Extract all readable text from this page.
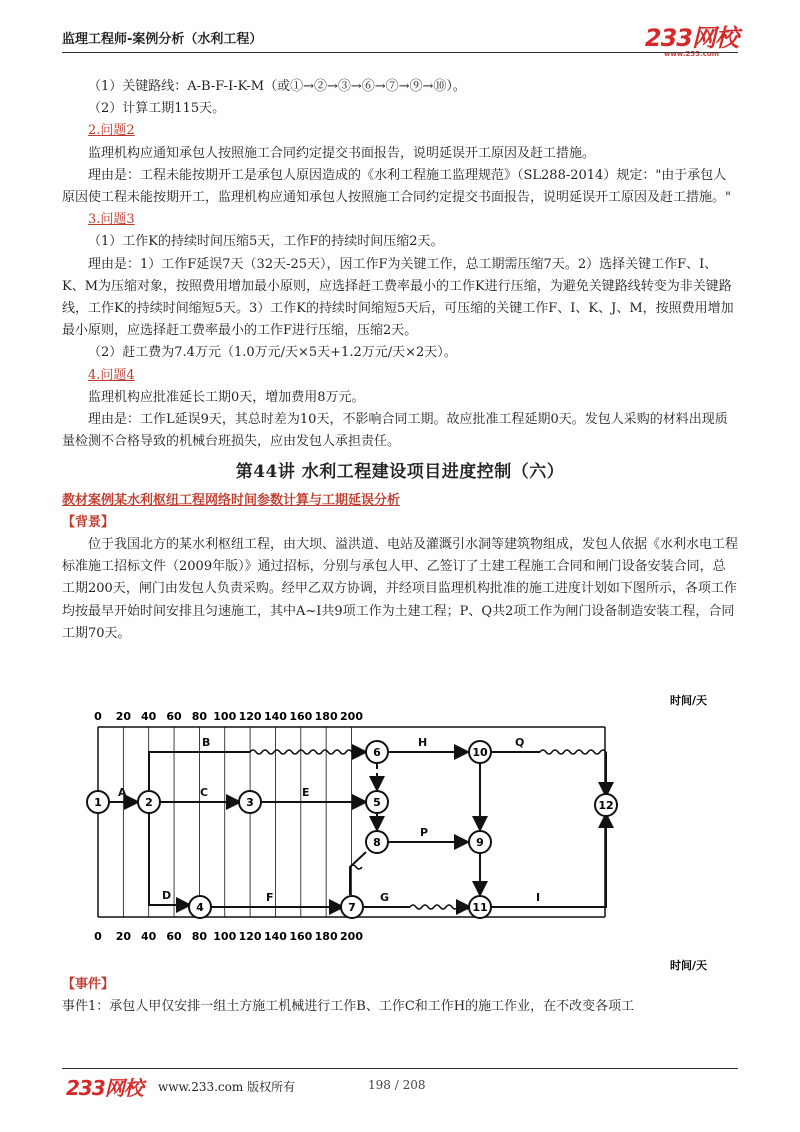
监理工程师-案例分析（水利工程）	233网校
www.233.com

（1）关键路线：A-B-F-I-K-M（或①→②→③→⑥→⑦→⑨→⑩）。

（2）计算工期115天。

2.问题2

监理机构应通知承包人按照施工合同约定提交书面报告，说明延误开工原因及赶工措施。

理由是：工程未能按期开工是承包人原因造成的《水利工程施工监理规范》（SL288-2014）规定："由于承包人原因使工程未能按期开工，监理机构应通知承包人按照施工合同约定提交书面报告，说明延误开工原因及赶工措施。"

3.问题3

（1）工作K的持续时间压缩5天，工作F的持续时间压缩2天。

理由是：1）工作F延误7天（32天-25天），因工作F为关键工作，总工期需压缩7天。2）选择关键工作F、I、K、M为压缩对象，按照费用增加最小原则，应选择赶工费率最小的工作K进行压缩，为避免关键路线转变为非关键路线，工作K的持续时间缩短5天。3）工作K的持续时间缩短5天后，可压缩的关键工作F、I、K、J、M，按照费用增加最小原则，应选择赶工费率最小的工作F进行压缩，压缩2天。

（2）赶工费为7.4万元（1.0万元/天×5天+1.2万元/天×2天）。

4.问题4

监理机构应批准延长工期0天，增加费用8万元。

理由是：工作L延误9天，其总时差为10天，不影响合同工期。故应批准工程延期0天。发包人采购的材料出现质量检测不合格导致的机械台班损失，应由发包人承担责任。

第44讲 水利工程建设项目进度控制（六）

教材案例某水利枢纽工程网络时间参数计算与工期延误分析

【背景】

位于我国北方的某水利枢纽工程，由大坝、溢洪道、电站及灌溉引水洞等建筑物组成，发包人依据《水利水电工程标准施工招标文件（2009年版）》通过招标，分别与承包人甲、乙签订了土建工程施工合同和闸门设备安装合同，总工期200天，闸门由发包人负责采购。经甲乙双方协调，并经项目监理机构批准的施工进度计划如下图所示，各项工作均按最早开始时间安排且匀速施工，其中A~I共9项工作为土建工程；P、Q共2项工作为闸门设备制造安装工程，合同工期70天。

时间/天
时间/天
0 20 40 60 80 100 120 140 160 180 200
0 20 40 60 80 100 120 140 160 180 200
A
B
C
D
E
F	G
H
I
P
Q
1	2	3
4
5
6
7
8	9
10
11
12

【事件】

事件1：承包人甲仅安排一组土方施工机械进行工作B、工作C和工作H的施工作业，在不改变各项工

233网校 www.233.com 版权所有	198 / 208
